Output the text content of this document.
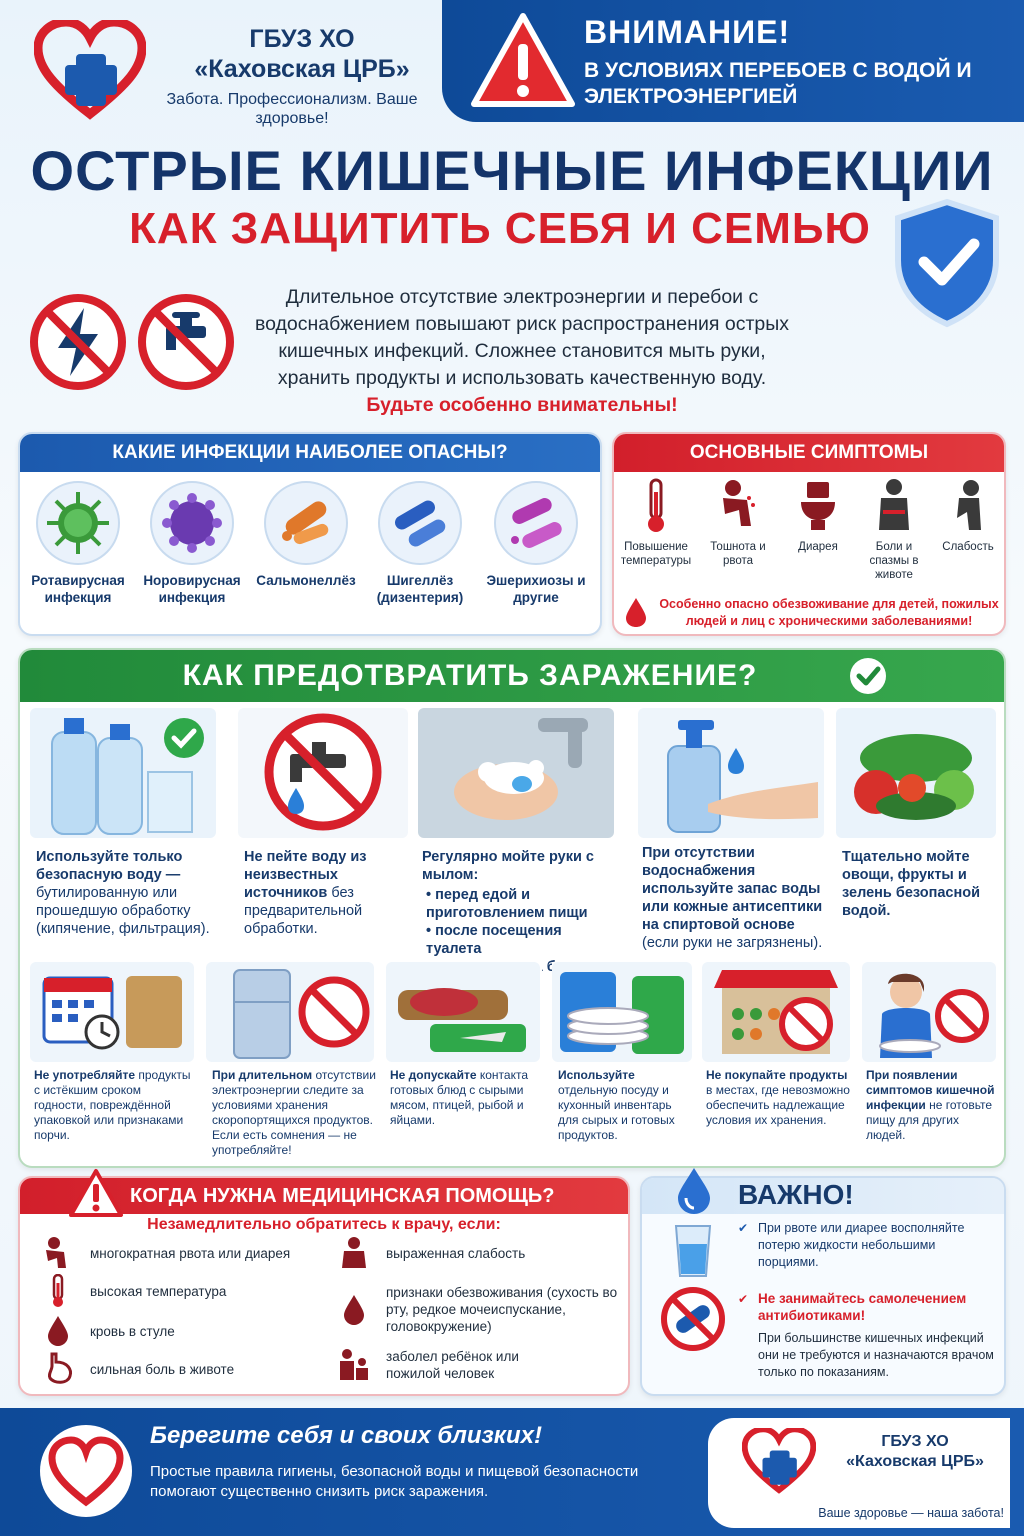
ГБУЗ ХО
«Каховская ЦРБ»
Забота. Профессионализм. Ваше здоровье!
ВНИМАНИЕ!
В УСЛОВИЯХ ПЕРЕБОЕВ С ВОДОЙ И ЭЛЕКТРОЭНЕРГИЕЙ
ОСТРЫЕ КИШЕЧНЫЕ ИНФЕКЦИИ
КАК ЗАЩИТИТЬ СЕБЯ И СЕМЬЮ
Длительное отсутствие электроэнергии и перебои с водоснабжением повышают риск распространения острых кишечных инфекций. Сложнее становится мыть руки, хранить продукты и использовать качественную воду. Будьте особенно внимательны!
КАКИЕ ИНФЕКЦИИ НАИБОЛЕЕ ОПАСНЫ?
Ротавирусная инфекция
Норовирусная инфекция
Сальмонеллёз	Шигеллёз (дизентерия)
Эшерихиозы и другие
ОСНОВНЫЕ СИМПТОМЫ
Повышение температуры
Тошнота и рвота
Диарея	Боли и спазмы в животе
Слабость
Особенно опасно обезвоживание для детей, пожилых людей и лиц с хроническими заболеваниями!
КАК ПРЕДОТВРАТИТЬ ЗАРАЖЕНИЕ?
Используйте только безопасную воду — бутилированную или прошедшую обработку (кипячение, фильтрация).
Не пейте воду из неизвестных источников без предварительной обработки.
Регулярно мойте руки с мылом:
• перед едой и приготовлением пищи
• после посещения туалета
При отсутствии водоснабжения используйте запас воды или кожные антисептики на спиртовой основе (если руки не загрязнены).
Тщательно мойте овощи, фрукты и зелень безопасной водой.
Не употребляйте продукты с истёкшим сроком годности, повреждённой упаковкой или признаками порчи.
При длительном отсутствии электроэнергии следите за условиями хранения скоропортящихся продуктов. Если есть сомнения — не употребляйте!
Не допускайте контакта готовых блюд с сырыми мясом, птицей, рыбой и яйцами.
Используйте отдельную посуду и кухонный инвентарь для сырых и готовых продуктов.
Не покупайте продукты в местах, где невозможно обеспечить надлежащие условия их хранения.
При появлении симптомов кишечной инфекции не готовьте пищу для других людей.
КОГДА НУЖНА МЕДИЦИНСКАЯ ПОМОЩЬ?
Незамедлительно обратитесь к врачу, если:
многократная рвота или диарея
высокая температура
кровь в стуле
сильная боль в животе
выраженная слабость
признаки обезвоживания (сухость во рту, редкое мочеиспускание, головокружение)
заболел ребёнок или пожилой человек
ВАЖНО!
✔ При рвоте или диарее восполняйте потерю жидкости небольшими порциями.
✔ Не занимайтесь самолечением антибиотиками!
При большинстве кишечных инфекций они не требуются и назначаются врачом только по показаниям.
Берегите себя и своих близких!
Простые правила гигиены, безопасной воды и пищевой безопасности помогают существенно снизить риск заражения.
ГБУЗ ХО
«Каховская ЦРБ»
Ваше здоровье — наша забота!
